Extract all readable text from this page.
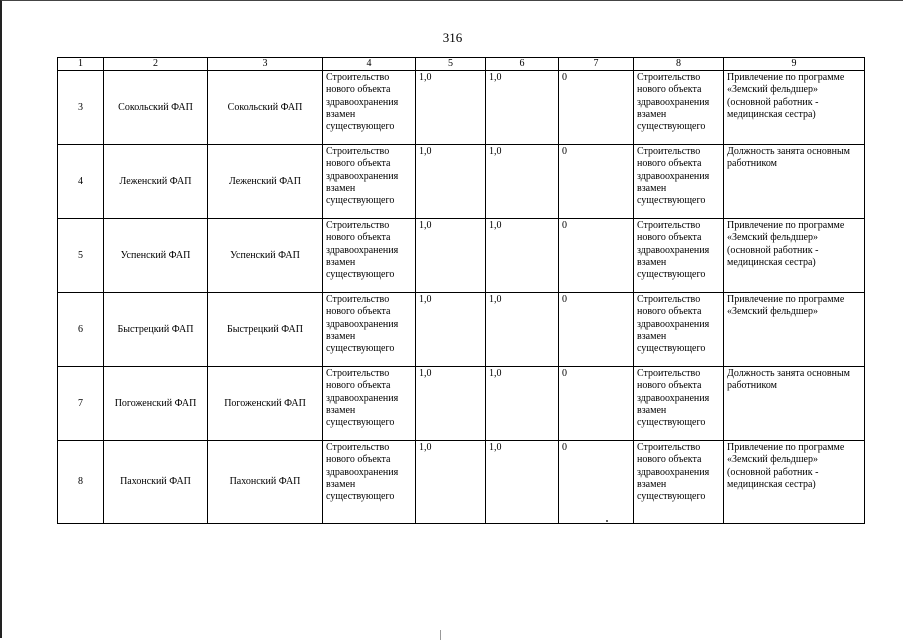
316
1	2	3	4	5	6	7	8	9
3	Сокольский ФАП	Сокольский ФАП	Строительство нового объекта здравоохранения взамен существующего	1,0	1,0	0	Строительство нового объекта здравоохранения взамен существующего	Привлечение по программе «Земский фельдшер» (основной работник - медицинская сестра)
4	Леженский ФАП	Леженский ФАП	Строительство нового объекта здравоохранения взамен существующего	1,0	1,0	0	Строительство нового объекта здравоохранения взамен существующего	Должность занята основным работником
5	Успенский ФАП	Успенский ФАП	Строительство нового объекта здравоохранения взамен существующего	1,0	1,0	0	Строительство нового объекта здравоохранения взамен существующего	Привлечение по программе «Земский фельдшер» (основной работник - медицинская сестра)
6	Быстрецкий ФАП	Быстрецкий ФАП	Строительство нового объекта здравоохранения взамен существующего	1,0	1,0	0	Строительство нового объекта здравоохранения взамен существующего	Привлечение по программе «Земский фельдшер»
7	Погоженский ФАП	Погоженский ФАП	Строительство нового объекта здравоохранения взамен существующего	1,0	1,0	0	Строительство нового объекта здравоохранения взамен существующего	Должность занята основным работником
8	Пахонский ФАП	Пахонский ФАП	Строительство нового объекта здравоохранения взамен существующего	1,0	1,0	0	Строительство нового объекта здравоохранения взамен существующего	Привлечение по программе «Земский фельдшер» (основной работник - медицинская сестра)
